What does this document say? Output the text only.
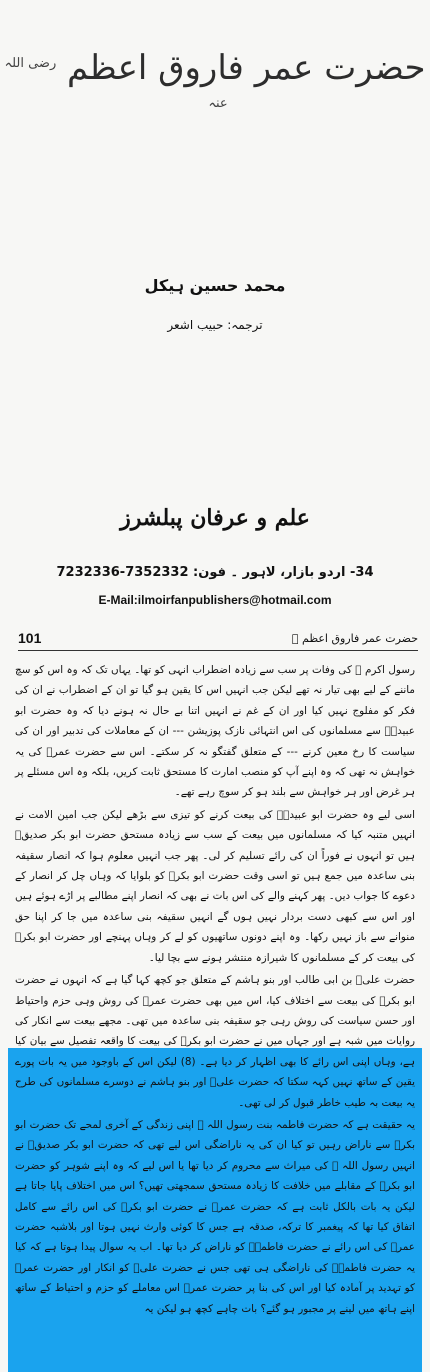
حضرت عمر فاروق اعظم $^{رضی اللہ عنہ}$
محمد حسین ہیکل
ترجمہ: حبیب اشعر
علم و عرفان پبلشرز
7232336-7352332 34- اردو بازار، لاہور ۔ فون:
E-Mail:ilmoirfanpublishers@hotmail.com
101	حضرت عمر فاروق اعظم ﷜

رسول اکرم ﷺ کی وفات پر سب سے زیادہ اضطراب انہی کو تھا۔ یہاں تک کہ وہ اس کو سچ ماننے کے لیے بھی تیار نہ تھے لیکن جب انہیں اس کا یقین ہو گیا تو ان کے اضطراب نے ان کی فکر کو مفلوج نہیں کیا اور ان کے غم نے انہیں اتنا بے حال نہ ہونے دیا کہ وہ حضرت ابو عبیدہؓ سے مسلمانوں کی اس انتہائی نازک پوزیشن --- ان کے معاملات کی تدبیر اور ان کی سیاست کا رخ معین کرنے --- کے متعلق گفتگو نہ کر سکتے۔ اس سے حضرت عمرؓ کی یہ خواہش نہ تھی کہ وہ اپنے آپ کو منصب امارت کا مستحق ثابت کریں، بلکہ وہ اس مسئلے پر ہر غرض اور ہر خواہش سے بلند ہو کر سوچ رہے تھے۔

اسی لیے وہ حضرت ابو عبیدہؓ کی بیعت کرنے کو تیزی سے بڑھے لیکن جب امین الامت نے انہیں متنبہ کیا کہ مسلمانوں میں بیعت کے سب سے زیادہ مستحق حضرت ابو بکر صدیقؓ ہیں تو انہوں نے فوراً ان کی رائے تسلیم کر لی۔ پھر جب انہیں معلوم ہوا کہ انصار سقیفہ بنی ساعدہ میں جمع ہیں تو اسی وقت حضرت ابو بکرؓ کو بلوایا کہ وہاں چل کر انصار کے دعوے کا جواب دیں۔ پھر کہنے والے کی اس بات نے بھی کہ انصار اپنے مطالبے پر اڑے ہوئے ہیں اور اس سے کبھی دست بردار نہیں ہوں گے انہیں سقیفہ بنی ساعدہ میں جا کر اپنا حق منوانے سے باز نہیں رکھا۔ وہ اپنے دونوں ساتھیوں کو لے کر وہاں پہنچے اور حضرت ابو بکرؓ کی بیعت کر کے مسلمانوں کا شیرازہ منتشر ہونے سے بچا لیا۔

حضرت علیؓ بن ابی طالب اور بنو ہاشم کے متعلق جو کچھ کہا گیا ہے کہ انہوں نے حضرت ابو بکرؓ کی بیعت سے اختلاف کیا، اس میں بھی حضرت عمرؓ کی روش وہی حزم واحتیاط اور حسن سیاست کی روش رہی جو سقیفہ بنی ساعدہ میں تھی۔ مجھے بیعت سے انکار کی روایات میں شبہ ہے اور جہاں میں نے حضرت ابو بکرؓ کی بیعت کا واقعہ تفصیل سے بیان کیا ہے، وہاں اپنی اس رائے کا بھی اظہار کر دیا ہے۔ (8) لیکن اس کے باوجود میں یہ بات پورے یقین کے ساتھ نہیں کہہ سکتا کہ حضرت علیؓ اور بنو ہاشم نے دوسرے مسلمانوں کی طرح یہ بیعت بہ طیب خاطر قبول کر لی تھی۔

یہ حقیقت ہے کہ حضرت فاطمہ بنت رسول اللہ ﷺ اپنی زندگی کے آخری لمحے تک حضرت ابو بکرؓ سے ناراض رہیں تو کیا ان کی یہ ناراضگی اس لیے تھی کہ حضرت ابو بکر صدیقؓ نے انہیں رسول اللہ ﷺ کی میراث سے محروم کر دیا تھا یا اس لیے کہ وہ اپنے شوہر کو حضرت ابو بکرؓ کے مقابلے میں خلافت کا زیادہ مستحق سمجھتی تھیں؟ اس میں اختلاف پایا جاتا ہے لیکن یہ بات بالکل ثابت ہے کہ حضرت عمرؓ نے حضرت ابو بکرؓ کی اس رائے سے کامل اتفاق کیا تھا کہ پیغمبر کا ترکہ، صدقہ ہے جس کا کوئی وارث نہیں ہوتا اور بلاشبہ حضرت عمرؓ کی اس رائے نے حضرت فاطمہؓ کو ناراض کر دیا تھا۔ اب یہ سوال پیدا ہوتا ہے کہ کیا یہ حضرت فاطمہؓ کی ناراضگی ہی تھی جس نے حضرت علیؓ کو انکار اور حضرت عمرؓ کو تہدید پر آمادہ کیا اور اس کی بنا پر حضرت عمرؓ اس معاملے کو حزم و احتیاط کے ساتھ اپنے ہاتھ میں لینے پر مجبور ہو گئے؟ بات چاہے کچھ ہو لیکن یہ
